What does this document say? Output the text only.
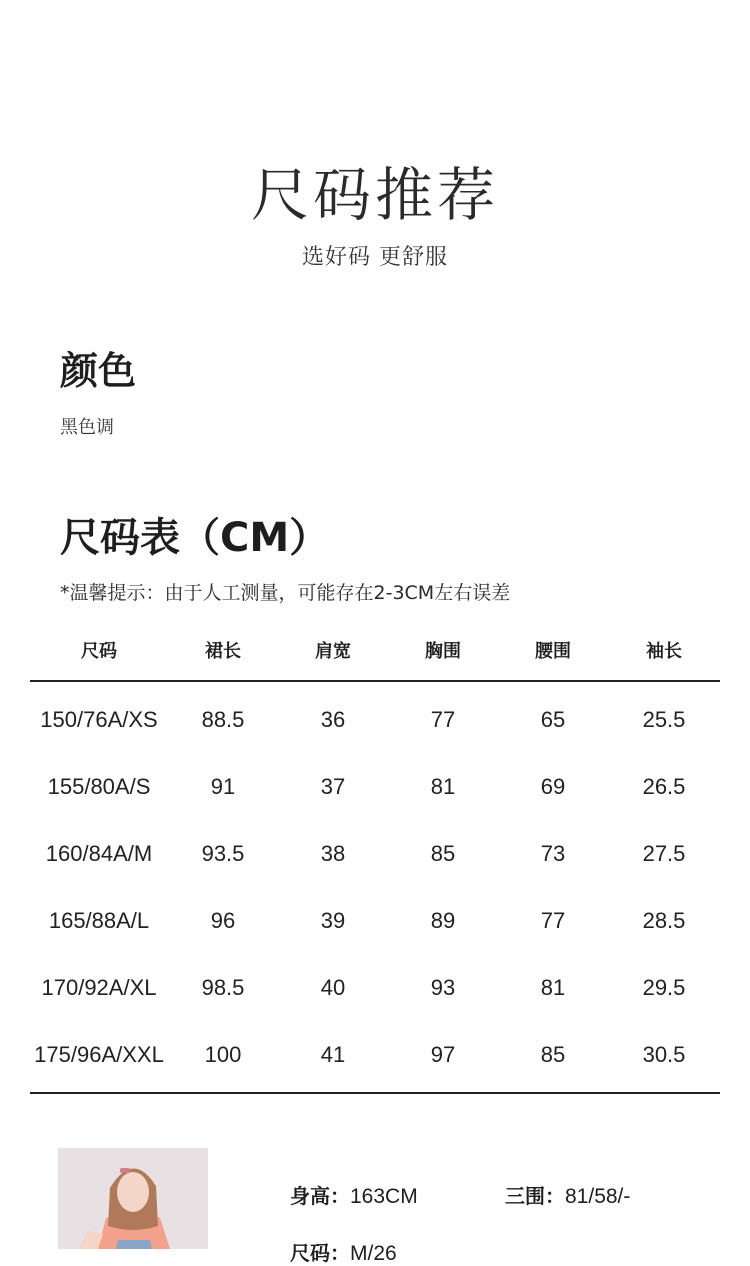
尺码推荐
选好码 更舒服
颜色
黑色调
尺码表（CM）
*温馨提示：由于人工测量，可能存在2-3CM左右误差
尺码	裙长	肩宽	胸围	腰围	袖长
150/76A/XS	88.5	36	77	65	25.5
155/80A/S	91	37	81	69	26.5
160/84A/M	93.5	38	85	73	27.5
165/88A/L	96	39	89	77	28.5
170/92A/XL	98.5	40	93	81	29.5
175/96A/XXL	100	41	97	85	30.5
身高：163CM	三围：81/58/-
尺码：M/26
